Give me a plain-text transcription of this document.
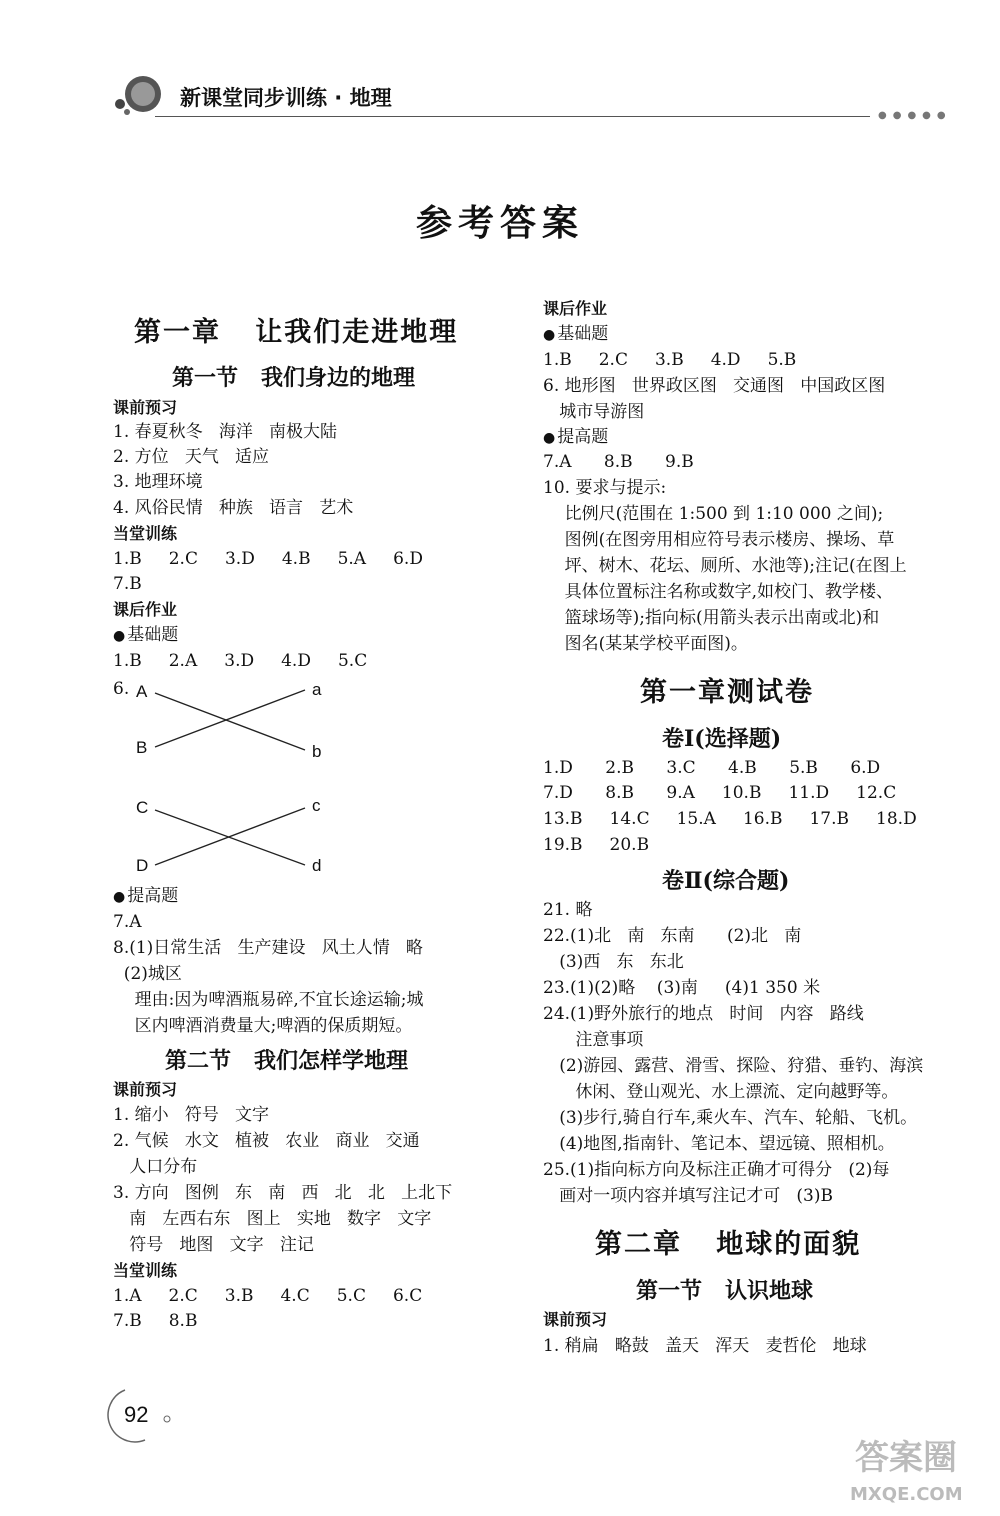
新课堂同步训练 · 地理
●●●●●
参考答案
第一章   让我们走进地理
第一节   我们身边的地理
课前预习
1. 春夏秋冬   海洋   南极大陆
2. 方位   天气   适应
3. 地理环境
4. 风俗民情   种族   语言   艺术
当堂训练
1.B     2.C     3.D     4.B     5.A     6.D
7.B
课后作业
● 基础题
1.B     2.A     3.D     4.D     5.C
6. A	a
B	b
C	c
D	d
● 提高题
7.A
8.(1)日常生活   生产建设   风土人情   略
(2)城区
理由:因为啤酒瓶易碎,不宜长途运输;城
区内啤酒消费量大;啤酒的保质期短。
第二节   我们怎样学地理
课前预习
1. 缩小   符号   文字
2. 气候   水文   植被   农业   商业   交通
人口分布
3. 方向   图例   东   南   西   北   北   上北下
南   左西右东   图上   实地   数字   文字
符号   地图   文字   注记
当堂训练
1.A     2.C     3.B     4.C     5.C     6.C
7.B     8.B
课后作业
● 基础题
1.B     2.C     3.B     4.D     5.B
6. 地形图   世界政区图   交通图   中国政区图
城市导游图
● 提高题
7.A      8.B      9.B
10. 要求与提示:
比例尺(范围在 1:500 到 1:10 000 之间);
图例(在图旁用相应符号表示楼房、操场、草
坪、树木、花坛、厕所、水池等);注记(在图上
具体位置标注名称或数字,如校门、教学楼、
篮球场等);指向标(用箭头表示出南或北)和
图名(某某学校平面图)。
第一章测试卷
卷Ⅰ(选择题)
1.D      2.B      3.C      4.B      5.B      6.D
7.D      8.B      9.A     10.B     11.D     12.C
13.B     14.C     15.A     16.B     17.B     18.D
19.B     20.B
卷Ⅱ(综合题)
21. 略
22.(1)北   南   东南      (2)北   南
(3)西   东   东北
23.(1)(2)略    (3)南     (4)1 350 米
24.(1)野外旅行的地点   时间   内容   路线
注意事项
(2)游园、露营、滑雪、探险、狩猎、垂钓、海滨
休闲、登山观光、水上漂流、定向越野等。
(3)步行,骑自行车,乘火车、汽车、轮船、飞机。
(4)地图,指南针、笔记本、望远镜、照相机。
25.(1)指向标方向及标注正确才可得分   (2)每
画对一项内容并填写注记才可   (3)B
第二章   地球的面貌
第一节   认识地球
课前预习
1. 稍扁   略鼓   盖天   浑天   麦哲伦   地球
92
答案圈
MXQE.COM
